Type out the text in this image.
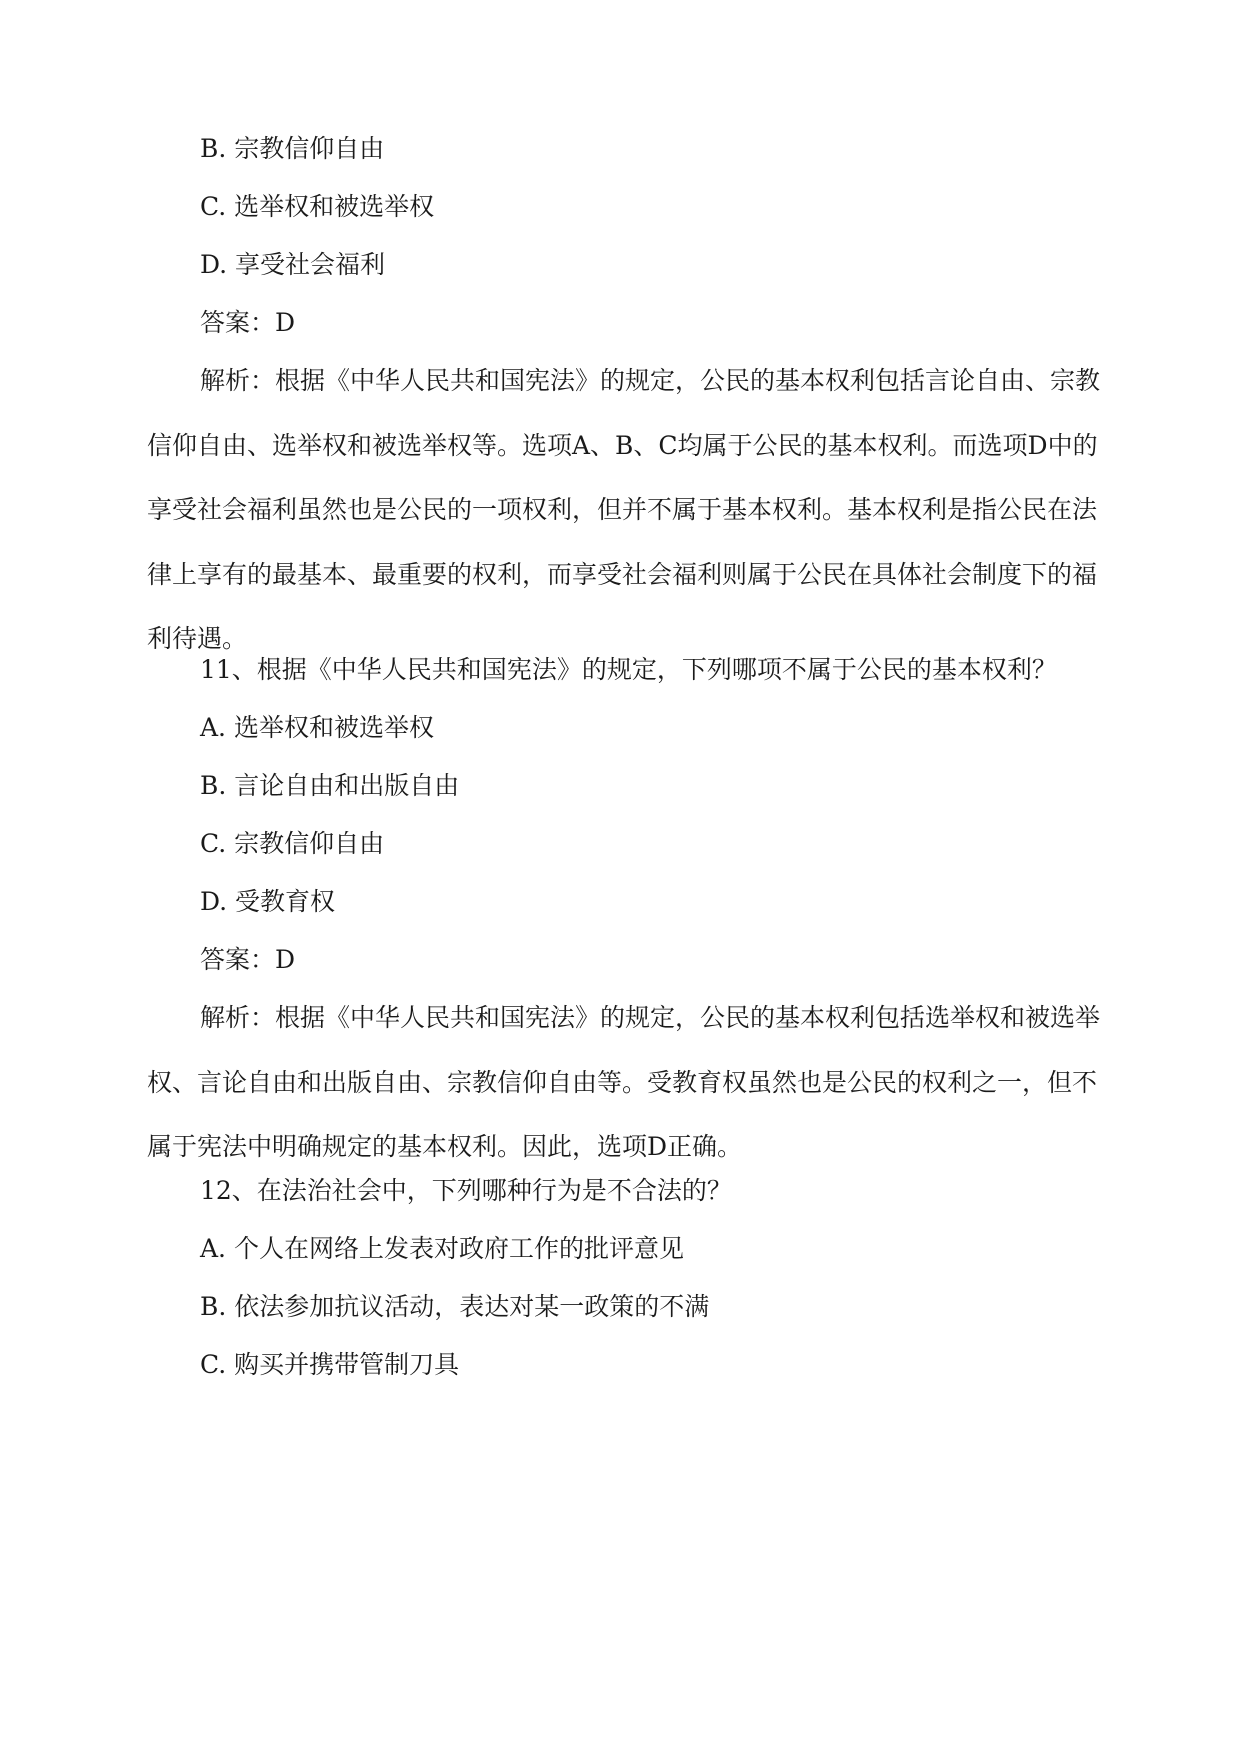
B. 宗教信仰自由

C. 选举权和被选举权

D. 享受社会福利

答案：D

解析：根据《中华人民共和国宪法》的规定，公民的基本权利包括言论自由、宗教
信仰自由、选举权和被选举权等。选项A、B、C均属于公民的基本权利。而选项D中的
享受社会福利虽然也是公民的一项权利，但并不属于基本权利。基本权利是指公民在法
律上享有的最基本、最重要的权利，而享受社会福利则属于公民在具体社会制度下的福
利待遇。

11、根据《中华人民共和国宪法》的规定，下列哪项不属于公民的基本权利？

A. 选举权和被选举权

B. 言论自由和出版自由

C. 宗教信仰自由

D. 受教育权

答案：D

解析：根据《中华人民共和国宪法》的规定，公民的基本权利包括选举权和被选举
权、言论自由和出版自由、宗教信仰自由等。受教育权虽然也是公民的权利之一，但不
属于宪法中明确规定的基本权利。因此，选项D正确。

12、在法治社会中，下列哪种行为是不合法的？

A. 个人在网络上发表对政府工作的批评意见

B. 依法参加抗议活动，表达对某一政策的不满

C. 购买并携带管制刀具
